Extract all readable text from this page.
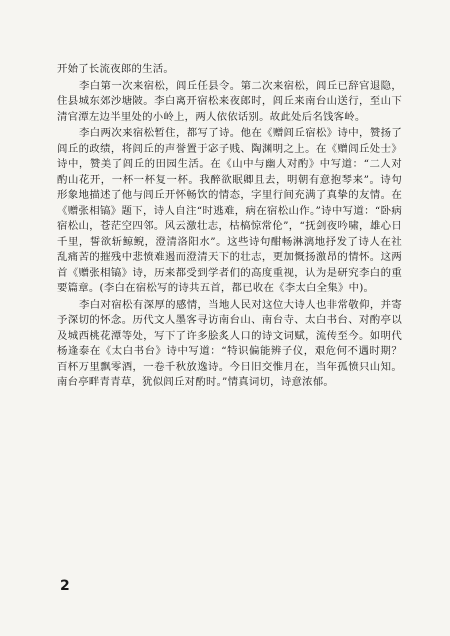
开始了长流夜郎的生活。

李白第一次来宿松，闾丘任县令。第二次来宿松，闾丘已辞官退隐，住县城东郊沙塘陂。李白离开宿松来夜郎时，闾丘来南台山送行，至山下清官潭左边半里处的小岭上，两人依依话别。故此处后名饯客岭。

李白两次来宿松暂住，都写了诗。他在《赠闾丘宿松》诗中，赞扬了闾丘的政绩，将闾丘的声誉置于宓子贱、陶渊明之上。在《赠闾丘处士》诗中，赞美了闾丘的田园生活。在《山中与幽人对酌》中写道：“二人对酌山花开，一杯一杯复一杯。我醉欲眠卿且去，明朝有意抱琴来”。诗句形象地描述了他与闾丘开怀畅饮的情态，字里行间充满了真挚的友情。在《赠张相镐》题下，诗人自注“时逃难，病在宿松山作。”诗中写道：“卧病宿松山，苍茫空四邻。风云激壮志，枯槁惊常伦”，“抚剑夜吟啸，雄心日千里，誓欲斩鲸鲵，澄清洛阳水”。这些诗句酣畅淋漓地抒发了诗人在社乱痛苦的摧残中悲愤难遏而澄清天下的壮志，更加慨扬激昂的情怀。这两首《赠张相镐》诗，历来都受到学者们的高度重视，认为是研究李白的重要篇章。(李白在宿松写的诗共五首，都已收在《李太白全集》中)。

李白对宿松有深厚的感情，当地人民对这位大诗人也非常敬仰，并寄予深切的怀念。历代文人墨客寻访南台山、南台寺、太白书台、对酌亭以及城西桃花潭等处，写下了许多脍炙人口的诗文词赋，流传至今。如明代杨逢泰在《太白书台》诗中写道：“特识偏能辨子仪，艰危何不遇时期？百杯万里飘零酒，一卷千秋放逸诗。今日旧交惟月在，当年孤愤只山知。南台亭畔青青草，犹似闾丘对酌时。”情真词切，诗意浓郁。

2
